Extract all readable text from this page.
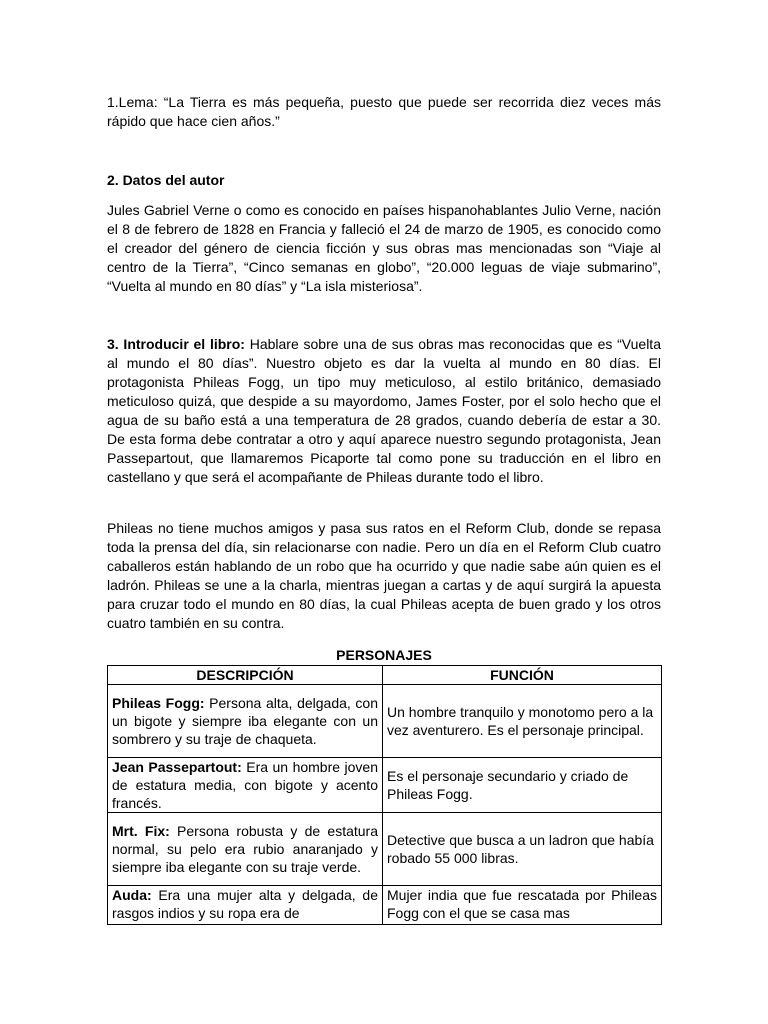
1.Lema: “La Tierra es más pequeña, puesto que puede ser recorrida diez veces más rápido que hace cien años.”

2. Datos del autor

Jules Gabriel Verne o como es conocido en países hispanohablantes Julio Verne, nación el 8 de febrero de 1828 en Francia y falleció el 24 de marzo de 1905, es conocido como el creador del género de ciencia ficción y sus obras mas mencionadas son “Viaje al centro de la Tierra”, “Cinco semanas en globo”, “20.000 leguas de viaje submarino”, “Vuelta al mundo en 80 días” y “La isla misteriosa”.

3. Introducir el libro: Hablare sobre una de sus obras mas reconocidas que es “Vuelta al mundo el 80 días”. Nuestro objeto es dar la vuelta al mundo en 80 días. El protagonista Phileas Fogg, un tipo muy meticuloso, al estilo británico, demasiado meticuloso quizá, que despide a su mayordomo, James Foster, por el solo hecho que el agua de su baño está a una temperatura de 28 grados, cuando debería de estar a 30. De esta forma debe contratar a otro y aquí aparece nuestro segundo protagonista, Jean Passepartout, que llamaremos Picaporte tal como pone su traducción en el libro en castellano y que será el acompañante de Phileas durante todo el libro.

Phileas no tiene muchos amigos y pasa sus ratos en el Reform Club, donde se repasa toda la prensa del día, sin relacionarse con nadie. Pero un día en el Reform Club cuatro caballeros están hablando de un robo que ha ocurrido y que nadie sabe aún quien es el ladrón. Phileas se une a la charla, mientras juegan a cartas y de aquí surgirá la apuesta para cruzar todo el mundo en 80 días, la cual Phileas acepta de buen grado y los otros cuatro también en su contra.

PERSONAJES
DESCRIPCIÓN	FUNCIÓN
Phileas Fogg: Persona alta, delgada, con un bigote y siempre iba elegante con un sombrero y su traje de chaqueta.	Un hombre tranquilo y monotomo pero a la vez aventurero. Es el personaje principal.
Jean Passepartout: Era un hombre joven de estatura media, con bigote y acento francés.	Es el personaje secundario y criado de Phileas Fogg.
Mrt. Fix: Persona robusta y de estatura normal, su pelo era rubio anaranjado y siempre iba elegante con su traje verde.	Detective que busca a un ladron que había robado 55 000 libras.
Auda: Era una mujer alta y delgada, de rasgos indios y su ropa era de	Mujer india que fue rescatada por Phileas Fogg con el que se casa mas
